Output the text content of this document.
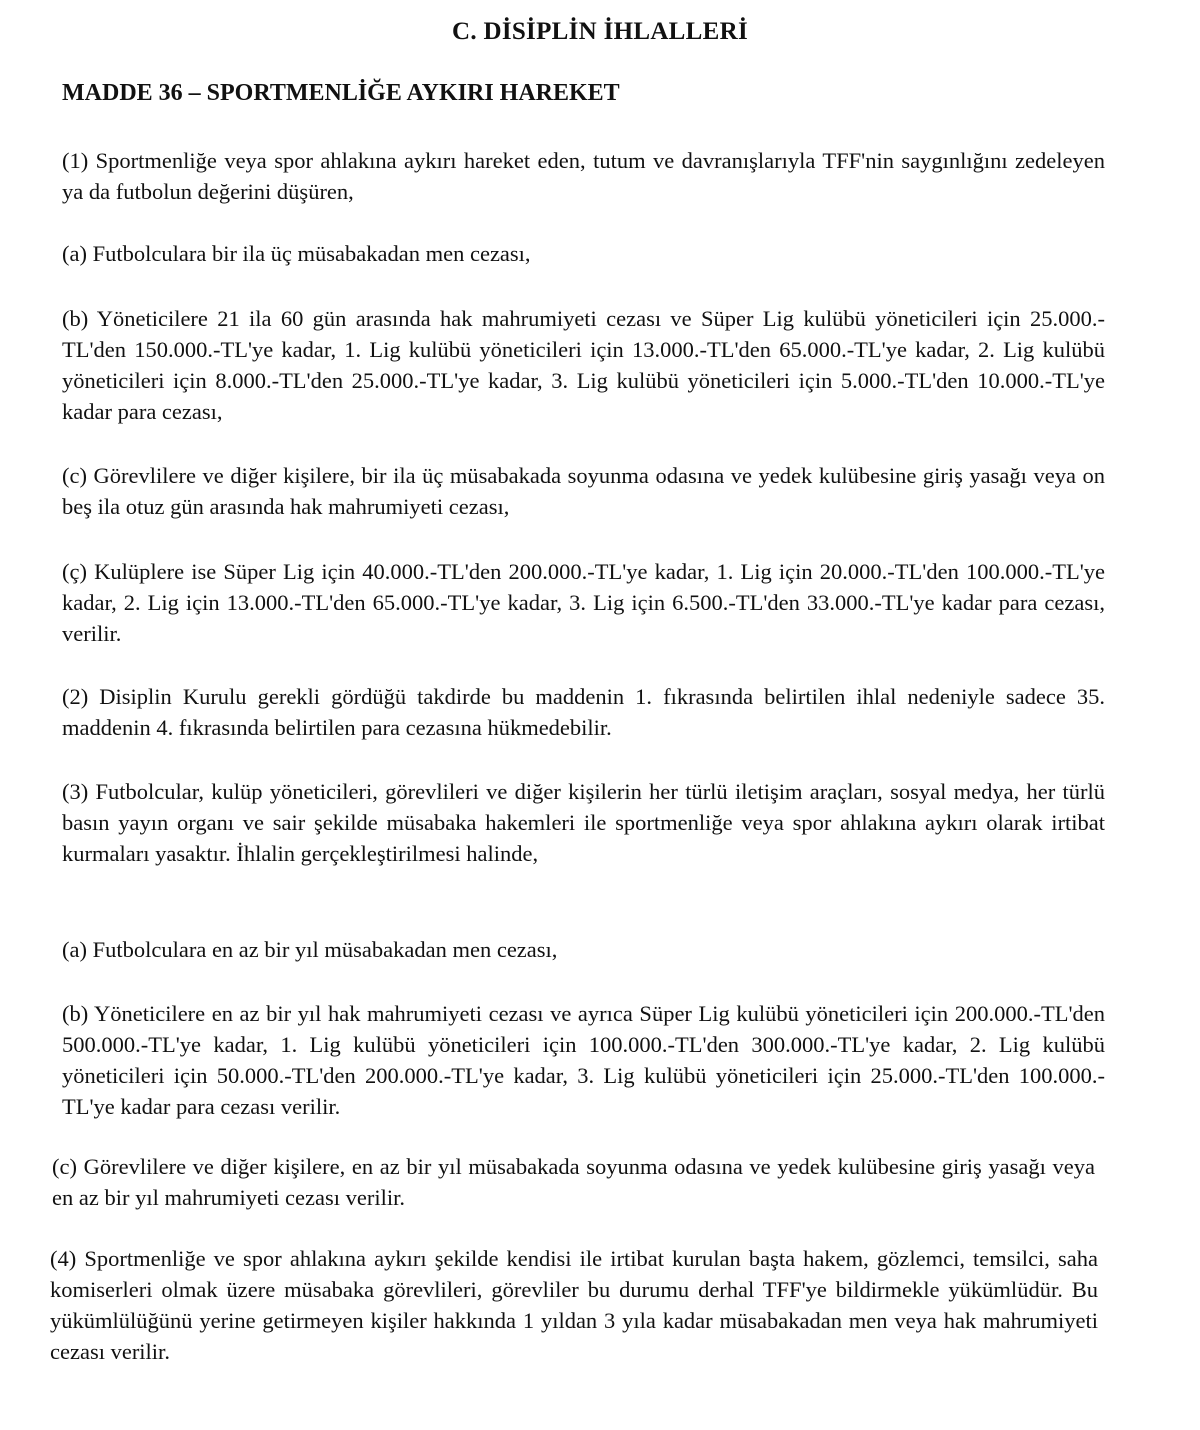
C. DİSİPLİN İHLALLERİ
MADDE 36 – SPORTMENLİĞE AYKIRI HAREKET
(1) Sportmenliğe veya spor ahlakına aykırı hareket eden, tutum ve davranışlarıyla TFF'nin saygınlığını zedeleyen ya da futbolun değerini düşüren,
(a) Futbolculara bir ila üç müsabakadan men cezası,
(b) Yöneticilere 21 ila 60 gün arasında hak mahrumiyeti cezası ve Süper Lig kulübü yöneticileri için 25.000.-TL'den 150.000.-TL'ye kadar, 1. Lig kulübü yöneticileri için 13.000.-TL'den 65.000.-TL'ye kadar, 2. Lig kulübü yöneticileri için 8.000.-TL'den 25.000.-TL'ye kadar, 3. Lig kulübü yöneticileri için 5.000.-TL'den 10.000.-TL'ye kadar para cezası,
(c) Görevlilere ve diğer kişilere, bir ila üç müsabakada soyunma odasına ve yedek kulübesine giriş yasağı veya on beş ila otuz gün arasında hak mahrumiyeti cezası,
(ç) Kulüplere ise Süper Lig için 40.000.-TL'den 200.000.-TL'ye kadar, 1. Lig için 20.000.-TL'den 100.000.-TL'ye kadar, 2. Lig için 13.000.-TL'den 65.000.-TL'ye kadar, 3. Lig için 6.500.-TL'den 33.000.-TL'ye kadar para cezası, verilir.
(2) Disiplin Kurulu gerekli gördüğü takdirde bu maddenin 1. fıkrasında belirtilen ihlal nedeniyle sadece 35. maddenin 4. fıkrasında belirtilen para cezasına hükmedebilir.
(3) Futbolcular, kulüp yöneticileri, görevlileri ve diğer kişilerin her türlü iletişim araçları, sosyal medya, her türlü basın yayın organı ve sair şekilde müsabaka hakemleri ile sportmenliğe veya spor ahlakına aykırı olarak irtibat kurmaları yasaktır. İhlalin gerçekleştirilmesi halinde,
(a) Futbolculara en az bir yıl müsabakadan men cezası,
(b) Yöneticilere en az bir yıl hak mahrumiyeti cezası ve ayrıca Süper Lig kulübü yöneticileri için 200.000.-TL'den 500.000.-TL'ye kadar, 1. Lig kulübü yöneticileri için 100.000.-TL'den 300.000.-TL'ye kadar, 2. Lig kulübü yöneticileri için 50.000.-TL'den 200.000.-TL'ye kadar, 3. Lig kulübü yöneticileri için 25.000.-TL'den 100.000.-TL'ye kadar para cezası verilir.
(c) Görevlilere ve diğer kişilere, en az bir yıl müsabakada soyunma odasına ve yedek kulübesine giriş yasağı veya en az bir yıl mahrumiyeti cezası verilir.
(4) Sportmenliğe ve spor ahlakına aykırı şekilde kendisi ile irtibat kurulan başta hakem, gözlemci, temsilci, saha komiserleri olmak üzere müsabaka görevlileri, görevliler bu durumu derhal TFF'ye bildirmekle yükümlüdür. Bu yükümlülüğünü yerine getirmeyen kişiler hakkında 1 yıldan 3 yıla kadar müsabakadan men veya hak mahrumiyeti cezası verilir.
